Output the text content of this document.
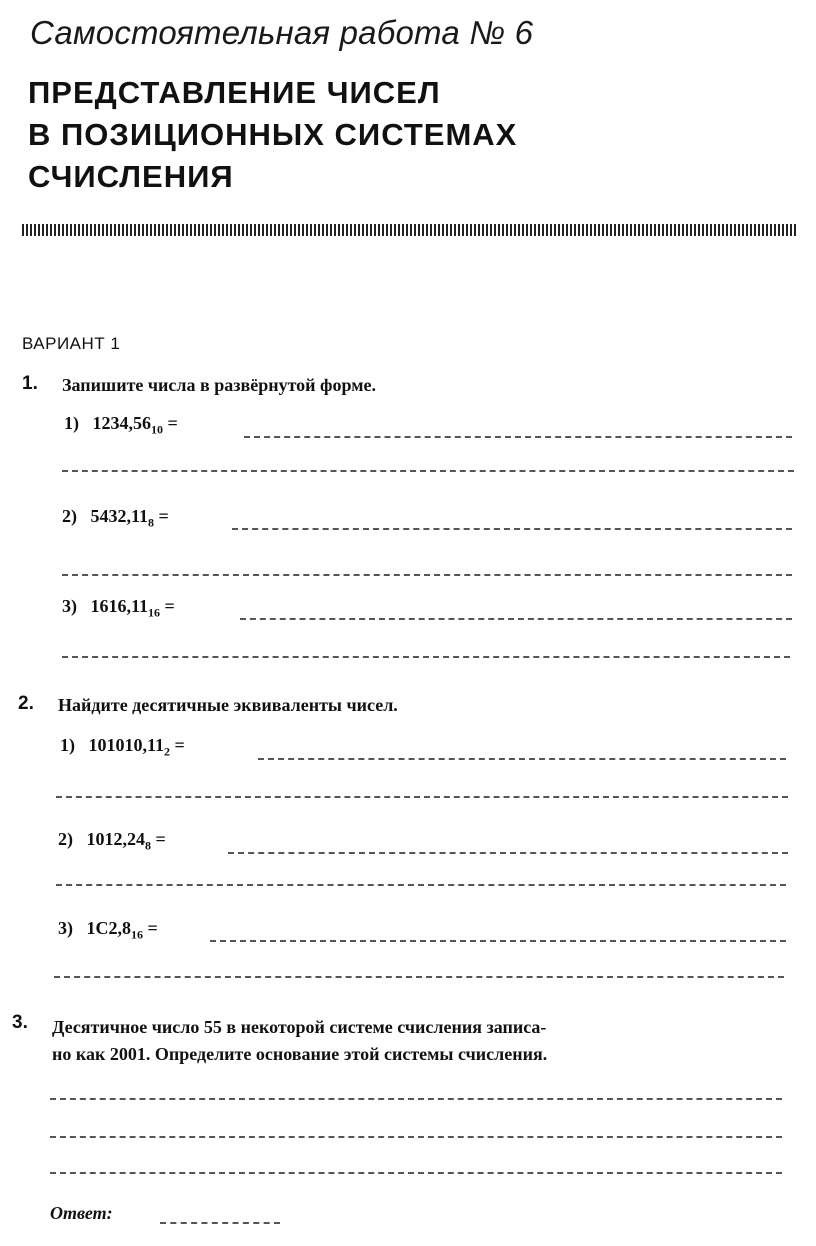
Самостоятельная работа № 6
ПРЕДСТАВЛЕНИЕ ЧИСЕЛ
В ПОЗИЦИОННЫХ СИСТЕМАХ
СЧИСЛЕНИЯ
ВАРИАНТ 1
1. Запишите числа в развёрнутой форме.
1) $1234,56_{10}$ =
2) $5432,11_8$ =
3) $1616,11_{16}$ =
2. Найдите десятичные эквиваленты чисел.
1) $101010,11_2$ =
2) $1012,24_8$ =
3) $1C2,8_{16}$ =
3. Десятичное число 55 в некоторой системе счисления записа-
но как 2001. Определите основание этой системы счисления.
Ответ:
